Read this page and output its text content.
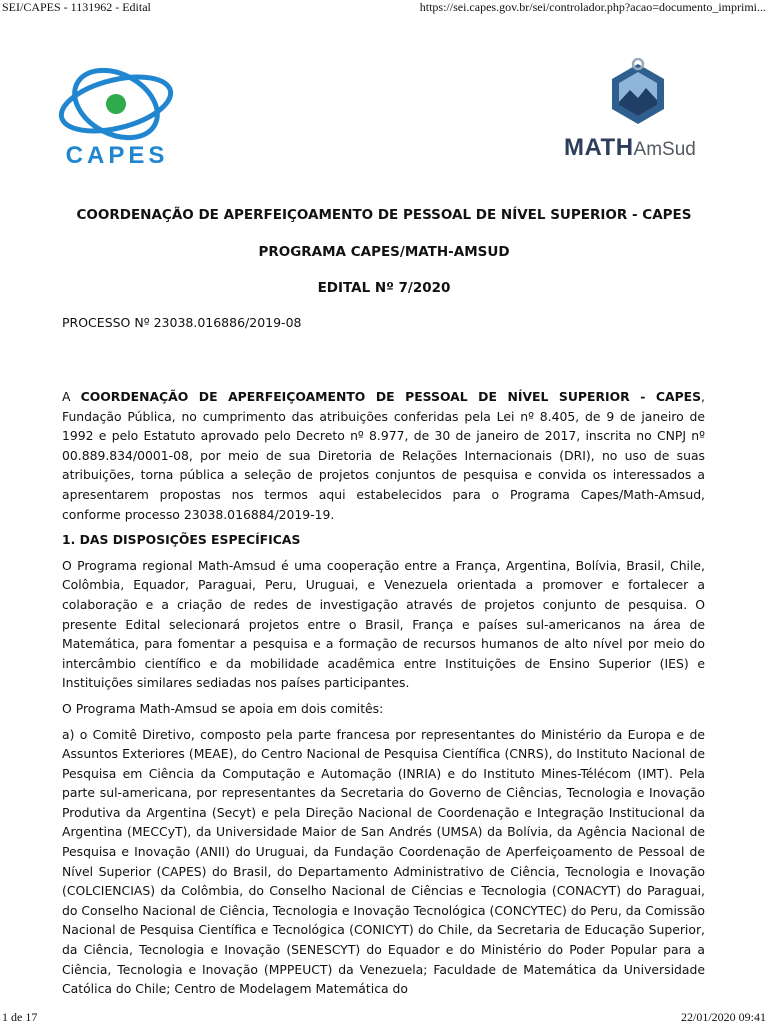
SEI/CAPES - 1131962 - Edital	https://sei.capes.gov.br/sei/controlador.php?acao=documento_imprimi...
CAPES	MATHAmSud
COORDENAÇÃO DE APERFEIÇOAMENTO DE PESSOAL DE NÍVEL SUPERIOR - CAPES
PROGRAMA CAPES/MATH-AMSUD
EDITAL Nº 7/2020
PROCESSO Nº 23038.016886/2019-08

A COORDENAÇÃO DE APERFEIÇOAMENTO DE PESSOAL DE NÍVEL SUPERIOR - CAPES, Fundação Pública, no cumprimento das atribuições conferidas pela Lei nº 8.405, de 9 de janeiro de 1992 e pelo Estatuto aprovado pelo Decreto nº 8.977, de 30 de janeiro de 2017, inscrita no CNPJ nº 00.889.834/0001-08, por meio de sua Diretoria de Relações Internacionais (DRI), no uso de suas atribuições, torna pública a seleção de projetos conjuntos de pesquisa e convida os interessados a apresentarem propostas nos termos aqui estabelecidos para o Programa Capes/Math-Amsud, conforme processo 23038.016884/2019-19.

1. DAS DISPOSIÇÕES ESPECÍFICAS

O Programa regional Math-Amsud é uma cooperação entre a França, Argentina, Bolívia, Brasil, Chile, Colômbia, Equador, Paraguai, Peru, Uruguai, e Venezuela orientada a promover e fortalecer a colaboração e a criação de redes de investigação através de projetos conjunto de pesquisa. O presente Edital selecionará projetos entre o Brasil, França e países sul-americanos na área de Matemática, para fomentar a pesquisa e a formação de recursos humanos de alto nível por meio do intercâmbio científico e da mobilidade acadêmica entre Instituições de Ensino Superior (IES) e Instituições similares sediadas nos países participantes.

O Programa Math-Amsud se apoia em dois comitês:

a) o Comitê Diretivo, composto pela parte francesa por representantes do Ministério da Europa e de Assuntos Exteriores (MEAE), do Centro Nacional de Pesquisa Científica (CNRS), do Instituto Nacional de Pesquisa em Ciência da Computação e Automação (INRIA) e do Instituto Mines-Télécom (IMT). Pela parte sul-americana, por representantes da Secretaria do Governo de Ciências, Tecnologia e Inovação Produtiva da Argentina (Secyt) e pela Direção Nacional de Coordenação e Integração Institucional da Argentina (MECCyT), da Universidade Maior de San Andrés (UMSA) da Bolívia, da Agência Nacional de Pesquisa e Inovação (ANII) do Uruguai, da Fundação Coordenação de Aperfeiçoamento de Pessoal de Nível Superior (CAPES) do Brasil, do Departamento Administrativo de Ciência, Tecnologia e Inovação (COLCIENCIAS) da Colômbia, do Conselho Nacional de Ciências e Tecnologia (CONACYT) do Paraguai, do Conselho Nacional de Ciência, Tecnologia e Inovação Tecnológica (CONCYTEC) do Peru, da Comissão Nacional de Pesquisa Científica e Tecnológica (CONICYT) do Chile, da Secretaria de Educação Superior, da Ciência, Tecnologia e Inovação (SENESCYT) do Equador e do Ministério do Poder Popular para a Ciência, Tecnologia e Inovação (MPPEUCT) da Venezuela; Faculdade de Matemática da Universidade Católica do Chile; Centro de Modelagem Matemática do

1 de 17	22/01/2020 09:41
